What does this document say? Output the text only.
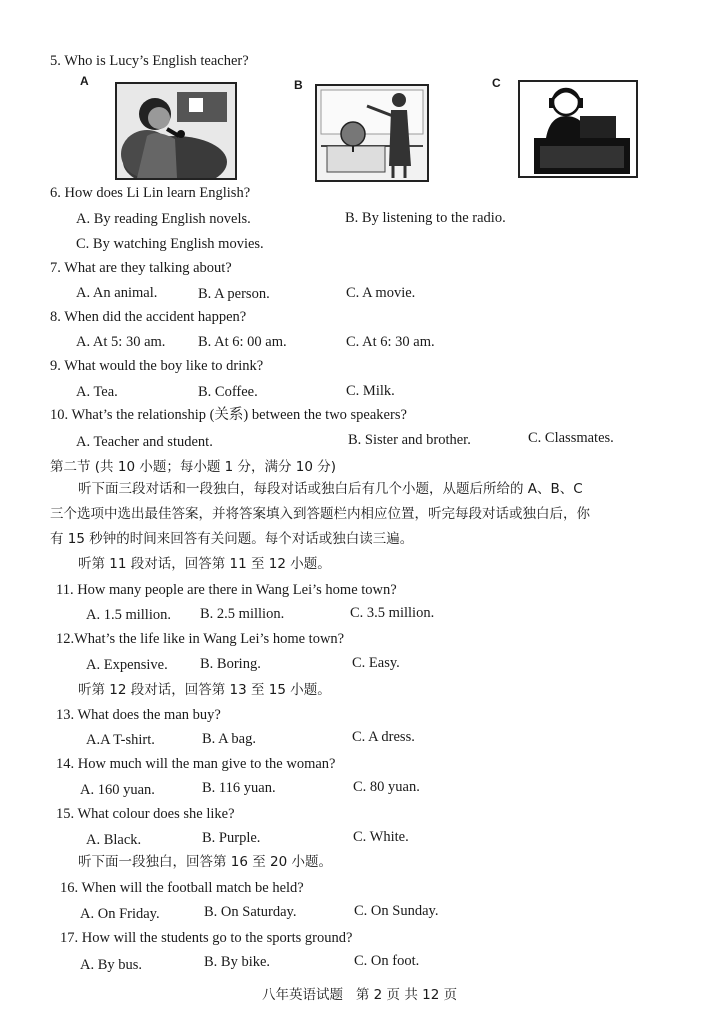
5. Who is Lucy’s English teacher?
A	B	C
6. How does Li Lin learn English?
A. By reading English novels.	B. By listening to the radio.
C. By watching English movies.
7. What are they talking about?
A. An animal.	B. A person.	C. A movie.
8. When did the accident happen?
A. At 5: 30 am. B. At 6: 00 am.	C. At 6: 30 am.
9. What would the boy like to drink?
A. Tea.	B. Coffee.	C. Milk.
10. What’s the relationship (关系) between the two speakers?
A. Teacher and student.	B. Sister and brother.	C. Classmates.
第二节 (共 10 小题；每小题 1 分，满分 10 分)
听下面三段对话和一段独白，每段对话或独白后有几个小题，从题后所给的 A、B、C
三个选项中选出最佳答案，并将答案填入到答题栏内相应位置，听完每段对话或独白后，你
有 15 秒钟的时间来回答有关问题。每个对话或独白读三遍。
听第 11 段对话，回答第 11 至 12 小题。
11. How many people are there in Wang Lei’s home town?
A. 1.5 million. B. 2.5 million.	C. 3.5 million.
12.What’s the life like in Wang Lei’s home town?
A. Expensive. B. Boring.	C. Easy.
听第 12 段对话，回答第 13 至 15 小题。
13. What does the man buy?
A.A T-shirt.	B. A bag.	C. A dress.
14. How much will the man give to the woman?
A. 160 yuan.	B. 116 yuan.	C. 80 yuan.
15. What colour does she like?
A. Black.	B. Purple.	C. White.
听下面一段独白，回答第 16 至 20 小题。
16. When will the football match be held?
A. On Friday.	B. On Saturday.	C. On Sunday.
17. How will the students go to the sports ground?
A. By bus.	B. By bike.	C. On foot.
八年英语试题   第 2 页 共 12 页
